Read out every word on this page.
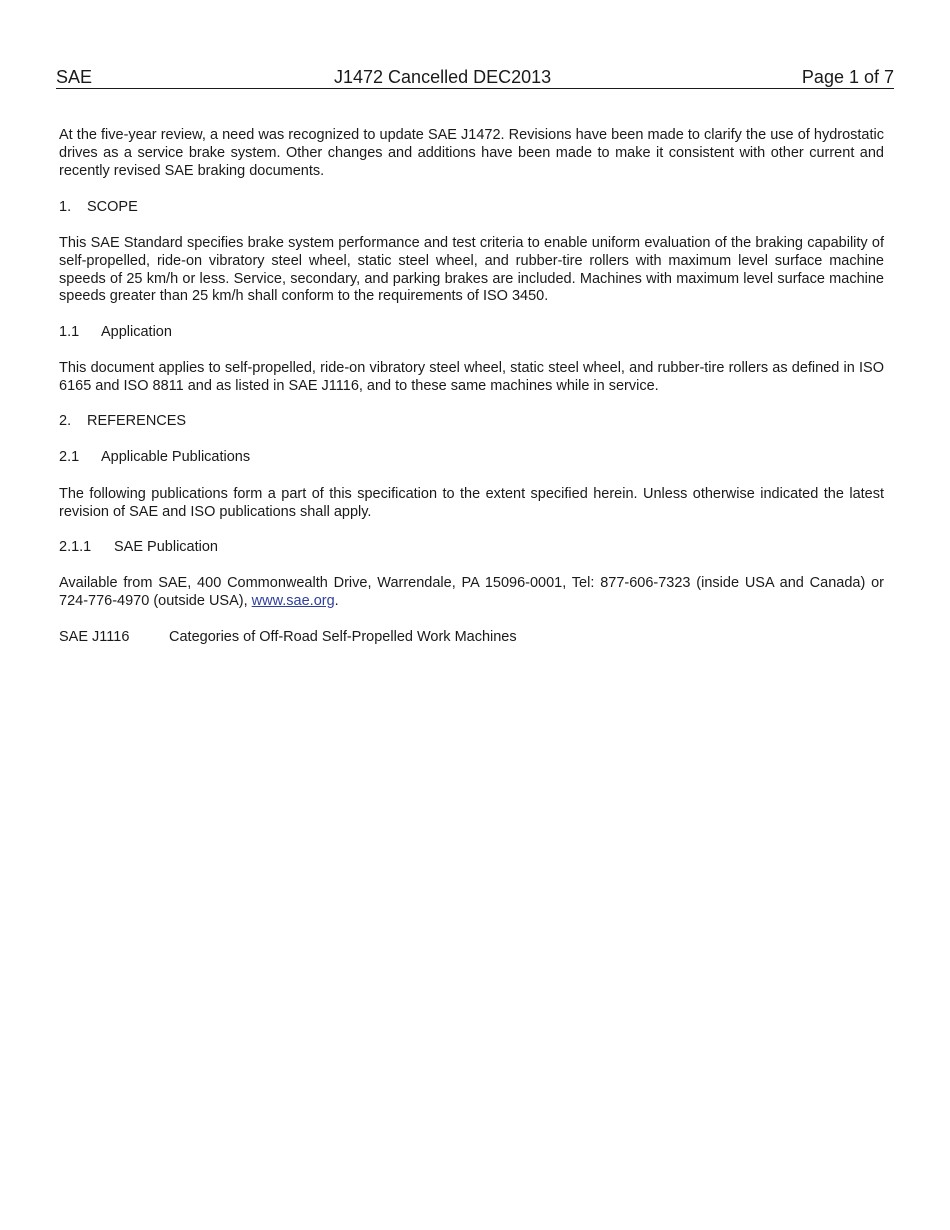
SAE	J1472 Cancelled DEC2013	Page 1 of 7

At the five-year review, a need was recognized to update SAE J1472. Revisions have been made to clarify the use of hydrostatic drives as a service brake system. Other changes and additions have been made to make it consistent with other current and recently revised SAE braking documents.

1. SCOPE

This SAE Standard specifies brake system performance and test criteria to enable uniform evaluation of the braking capability of self-propelled, ride-on vibratory steel wheel, static steel wheel, and rubber-tire rollers with maximum level surface machine speeds of 25 km/h or less. Service, secondary, and parking brakes are included. Machines with maximum level surface machine speeds greater than 25 km/h shall conform to the requirements of ISO 3450.

1.1 Application

This document applies to self-propelled, ride-on vibratory steel wheel, static steel wheel, and rubber-tire rollers as defined in ISO 6165 and ISO 8811 and as listed in SAE J1116, and to these same machines while in service.

2. REFERENCES
2.1 Applicable Publications

The following publications form a part of this specification to the extent specified herein. Unless otherwise indicated the latest revision of SAE and ISO publications shall apply.

2.1.1 SAE Publication

Available from SAE, 400 Commonwealth Drive, Warrendale, PA 15096-0001, Tel: 877-606-7323 (inside USA and Canada) or 724-776-4970 (outside USA), www.sae.org.

SAE J1116	Categories of Off-Road Self-Propelled Work Machines
